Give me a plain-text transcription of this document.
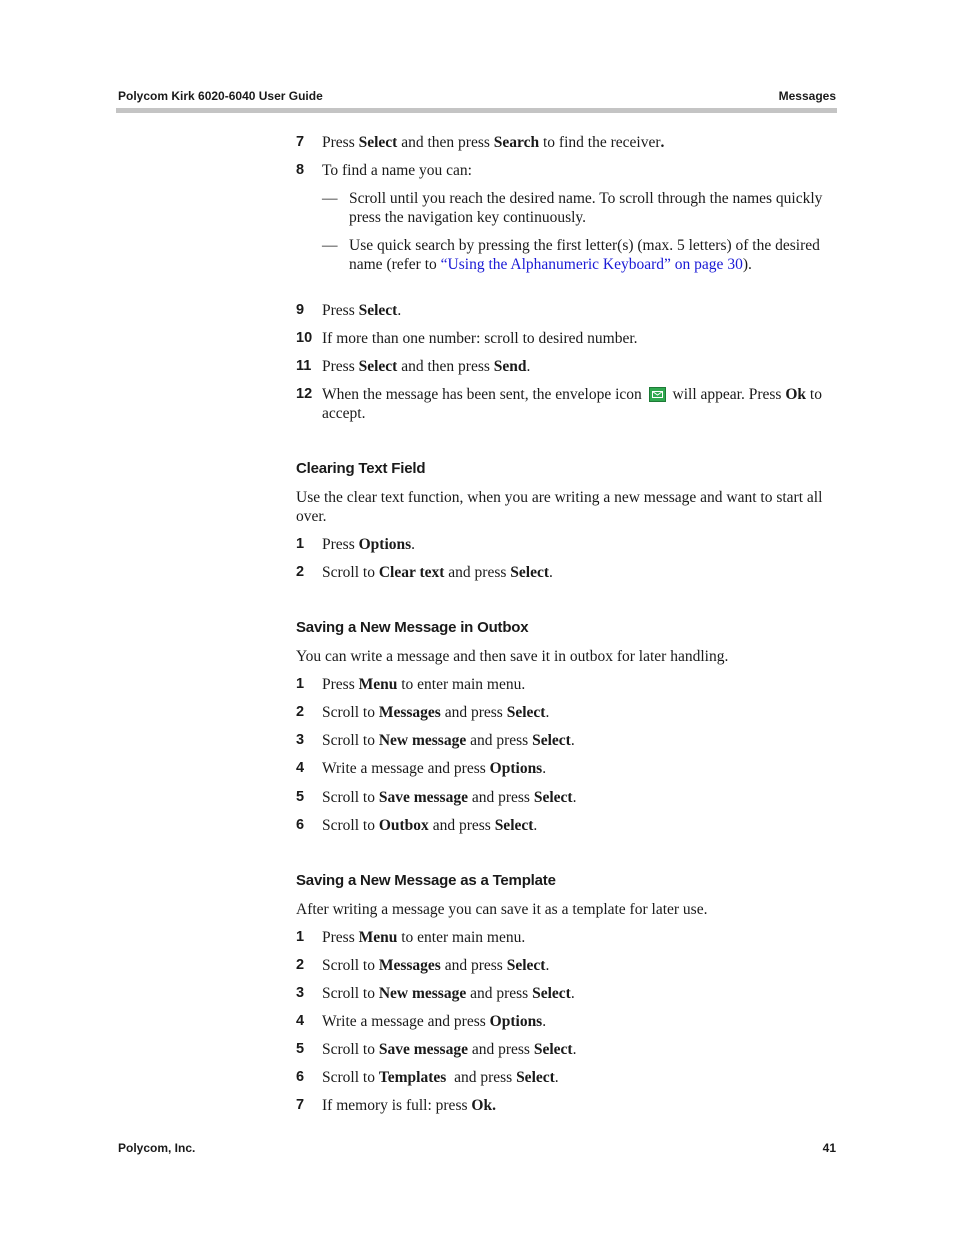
Polycom Kirk 6020-6040 User Guide	Messages
7 Press Select and then press Search to find the receiver.
8 To find a name you can:
— Scroll until you reach the desired name. To scroll through the names quickly press the navigation key continuously.
— Use quick search by pressing the first letter(s) (max. 5 letters) of the desired name (refer to “Using the Alphanumeric Keyboard” on page 30).
9 Press Select.
10 If more than one number: scroll to desired number.
11 Press Select and then press Send.
12 When the message has been sent, the envelope icon
will appear. Press Ok to accept.
Clearing Text Field
Use the clear text function, when you are writing a new message and want to start all over.
1 Press Options.
2 Scroll to Clear text and press Select.
Saving a New Message in Outbox
You can write a message and then save it in outbox for later handling.
1 Press Menu to enter main menu.
2 Scroll to Messages and press Select.
3 Scroll to New message and press Select.
4 Write a message and press Options.
5 Scroll to Save message and press Select.
6 Scroll to Outbox and press Select.
Saving a New Message as a Template
After writing a message you can save it as a template for later use.
1 Press Menu to enter main menu.
2 Scroll to Messages and press Select.
3 Scroll to New message and press Select.
4 Write a message and press Options.
5 Scroll to Save message and press Select.
6 Scroll to Templates  and press Select.
7 If memory is full: press Ok.
Polycom, Inc.	41
